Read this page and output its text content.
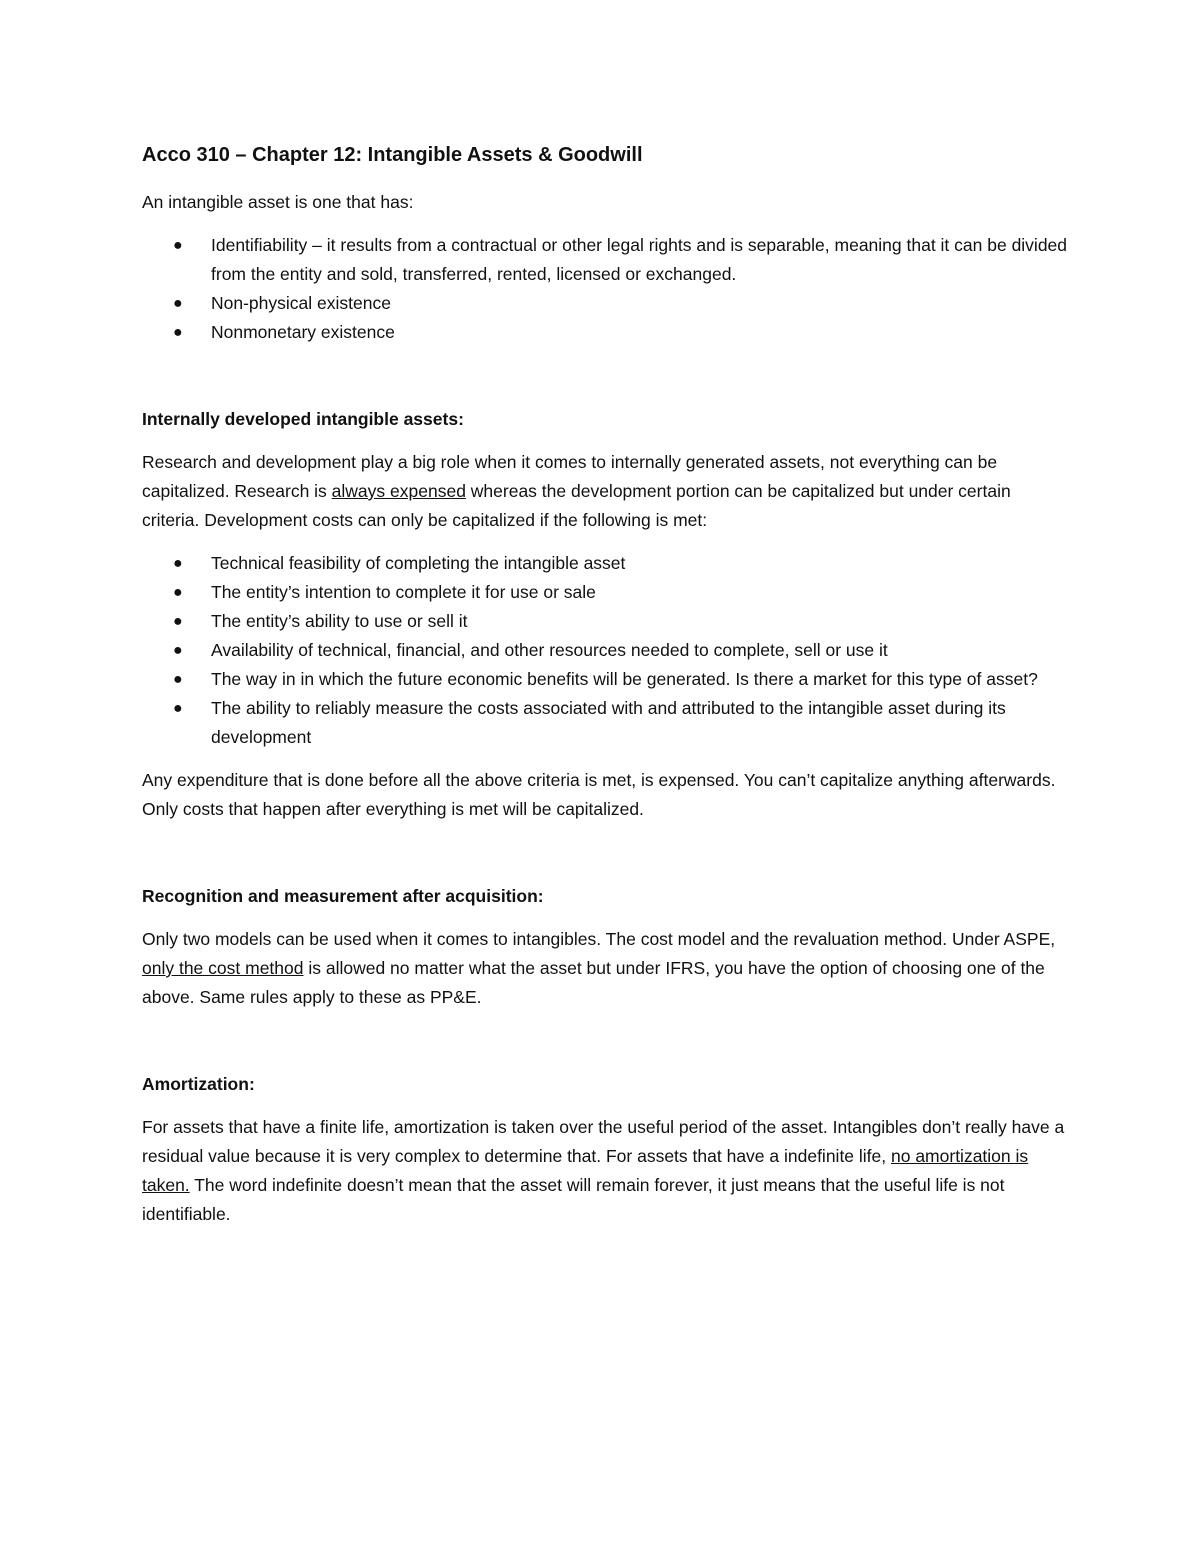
Acco 310 – Chapter 12: Intangible Assets & Goodwill

An intangible asset is one that has:

● Identifiability – it results from a contractual or other legal rights and is separable, meaning that it can be divided from the entity and sold, transferred, rented, licensed or exchanged.
● Non-physical existence
● Nonmonetary existence
Internally developed intangible assets:

Research and development play a big role when it comes to internally generated assets, not everything can be capitalized. Research is always expensed whereas the development portion can be capitalized but under certain criteria. Development costs can only be capitalized if the following is met:

● Technical feasibility of completing the intangible asset
● The entity’s intention to complete it for use or sale
● The entity’s ability to use or sell it
● Availability of technical, financial, and other resources needed to complete, sell or use it
● The way in in which the future economic benefits will be generated. Is there a market for this type of asset?
● The ability to reliably measure the costs associated with and attributed to the intangible asset during its development

Any expenditure that is done before all the above criteria is met, is expensed. You can’t capitalize anything afterwards. Only costs that happen after everything is met will be capitalized.

Recognition and measurement after acquisition:

Only two models can be used when it comes to intangibles. The cost model and the revaluation method. Under ASPE, only the cost method is allowed no matter what the asset but under IFRS, you have the option of choosing one of the above. Same rules apply to these as PP&E.

Amortization:

For assets that have a finite life, amortization is taken over the useful period of the asset. Intangibles don’t really have a residual value because it is very complex to determine that. For assets that have a indefinite life, no amortization is taken. The word indefinite doesn’t mean that the asset will remain forever, it just means that the useful life is not identifiable.
